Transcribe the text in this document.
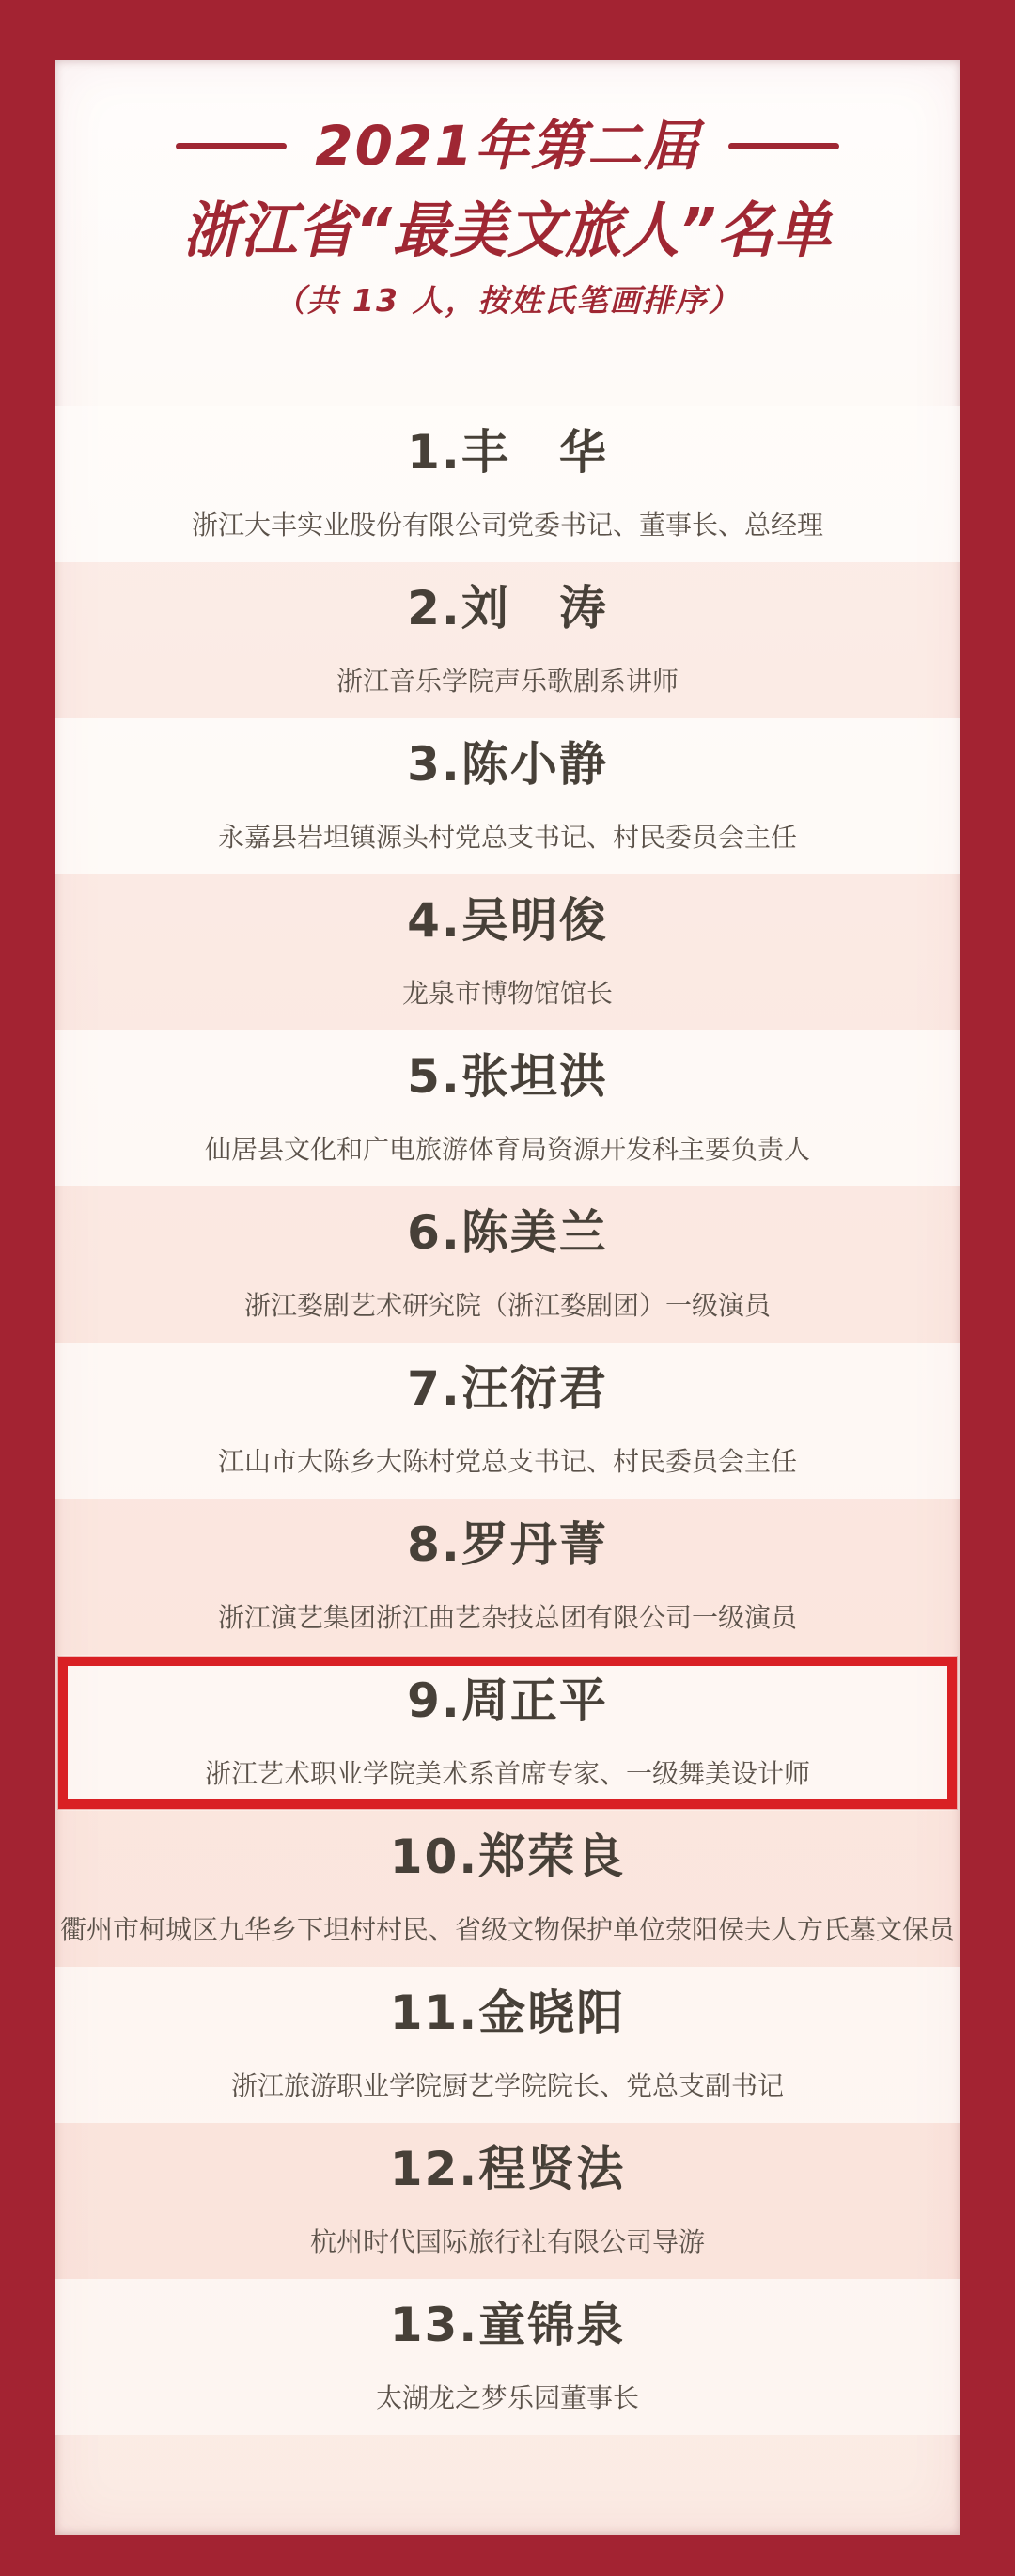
2021年第二届
浙江省“最美文旅人”名单
（共 13 人，按姓氏笔画排序）
1.丰　华
浙江大丰实业股份有限公司党委书记、董事长、总经理
2.刘　涛
浙江音乐学院声乐歌剧系讲师
3.陈小静
永嘉县岩坦镇源头村党总支书记、村民委员会主任
4.吴明俊
龙泉市博物馆馆长
5.张坦洪
仙居县文化和广电旅游体育局资源开发科主要负责人
6.陈美兰
浙江婺剧艺术研究院（浙江婺剧团）一级演员
7.汪衍君
江山市大陈乡大陈村党总支书记、村民委员会主任
8.罗丹菁
浙江演艺集团浙江曲艺杂技总团有限公司一级演员
9.周正平
浙江艺术职业学院美术系首席专家、一级舞美设计师
10.郑荣良
衢州市柯城区九华乡下坦村村民、省级文物保护单位荥阳侯夫人方氏墓文保员
11.金晓阳
浙江旅游职业学院厨艺学院院长、党总支副书记
12.程贤法
杭州时代国际旅行社有限公司导游
13.童锦泉
太湖龙之梦乐园董事长
